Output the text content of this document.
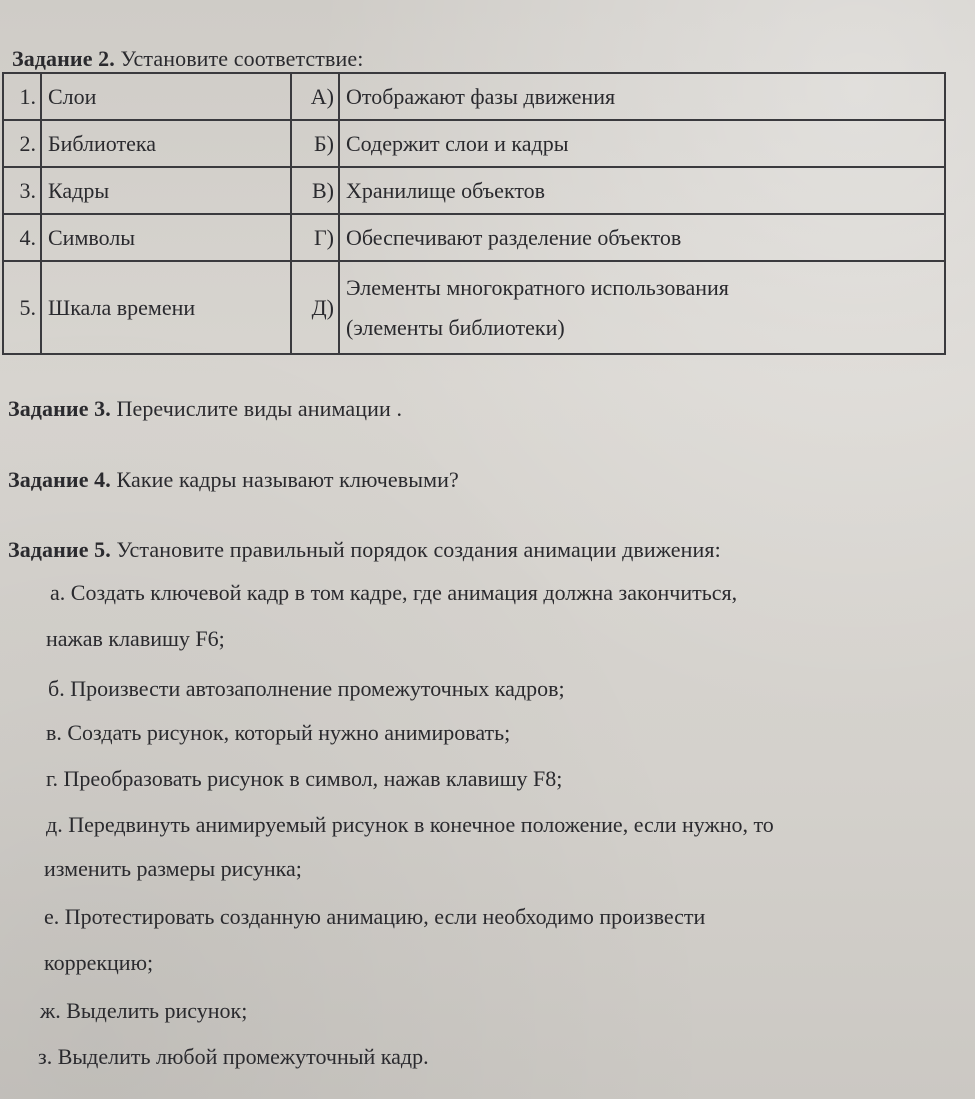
Задание 2. Установите соответствие:
1.	Слои	А)	Отображают фазы движения
2.	Библиотека	Б)	Содержит слои и кадры
3.	Кадры	В)	Хранилище объектов
4.	Символы	Г)	Обеспечивают разделение объектов
5.	Шкала времени	Д)	Элементы многократного использования
(элементы библиотеки)
Задание 3. Перечислите виды анимации .
Задание 4. Какие кадры называют ключевыми?
Задание 5. Установите правильный порядок создания анимации движения:
а. Создать ключевой кадр в том кадре, где анимация должна закончиться,
нажав клавишу F6;
б. Произвести автозаполнение промежуточных кадров;
в. Создать рисунок, который нужно анимировать;
г. Преобразовать рисунок в символ, нажав клавишу F8;
д. Передвинуть анимируемый рисунок в конечное положение, если нужно, то
изменить размеры рисунка;
е. Протестировать созданную анимацию, если необходимо произвести
коррекцию;
ж. Выделить рисунок;
з. Выделить любой промежуточный кадр.
